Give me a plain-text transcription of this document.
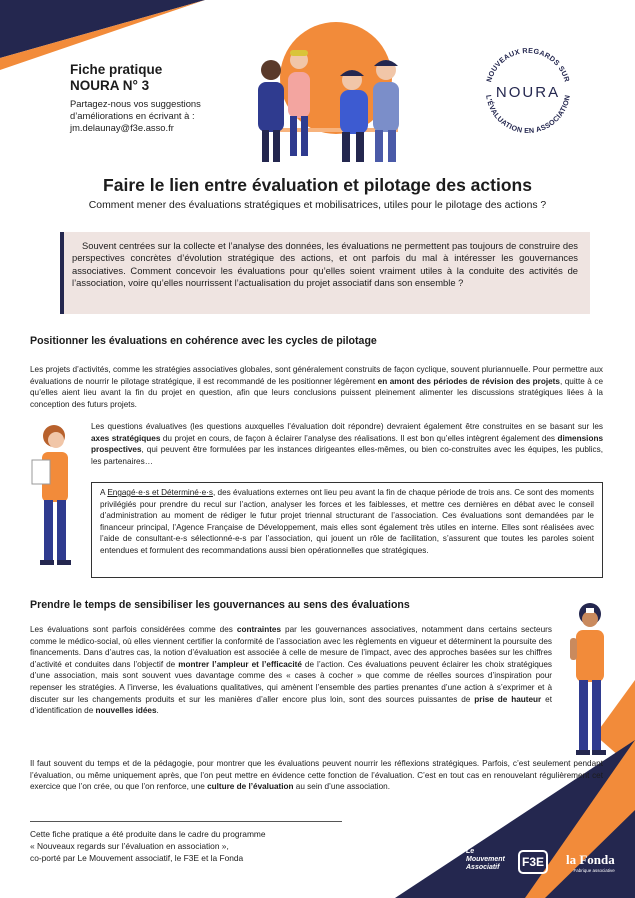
Fiche pratique
NOURA N° 3
Partagez-nous vos suggestions
d’améliorations en écrivant à :
jm.delaunay@f3e.asso.fr
NOUVEAUX REGARDS SUR
L’ÉVALUATION EN ASSOCIATION
NOURA
Faire le lien entre évaluation et pilotage des actions
Comment mener des évaluations stratégiques et mobilisatrices, utiles pour le pilotage des actions ?
Souvent centrées sur la collecte et l’analyse des données, les évaluations ne permettent pas toujours de construire des perspectives concrètes d’évolution stratégique des actions, et ont parfois du mal à intéresser les gouvernances associatives. Comment concevoir les évaluations pour qu’elles soient vraiment utiles à la conduite des activités de l’association, voire qu’elles nourrissent l’actualisation du projet associatif dans son ensemble ?
Positionner les évaluations en cohérence avec les cycles de pilotage
Les projets d’activités, comme les stratégies associatives globales, sont généralement construits de façon cyclique, souvent pluriannuelle. Pour permettre aux évaluations de nourrir le pilotage stratégique, il est recommandé de les positionner légèrement en amont des périodes de révision des projets, quitte à ce qu’elles aient lieu avant la fin du projet en question, afin que leurs conclusions puissent pleinement alimenter les discussions stratégiques liées à la conception des futurs projets.
Les questions évaluatives (les questions auxquelles l’évaluation doit répondre) devraient également être construites en se basant sur les axes stratégiques du projet en cours, de façon à éclairer l’analyse des réalisations. Il est bon qu’elles intègrent également des dimensions prospectives, qui peuvent être formulées par les instances dirigeantes elles-mêmes, ou bien co-construites avec les équipes, les publics, les partenaires…
A Engagé·e·s et Déterminé·e·s, des évaluations externes ont lieu peu avant la fin de chaque période de trois ans. Ce sont des moments privilégiés pour prendre du recul sur l’action, analyser les forces et les faiblesses, et mettre ces dernières en débat avec le conseil d’administration au moment de rédiger le futur projet triennal structurant de l’association. Ces évaluations sont demandées par le financeur principal, l’Agence Française de Développement, mais elles sont également très utiles en interne. Elles sont réalisées avec l’aide de consultant-e-s sélectionné-e-s par l’association, qui jouent un rôle de facilitation, s’assurent que toutes les paroles soient entendues et formulent des recommandations aussi bien opérationnelles que stratégiques.
Prendre le temps de sensibiliser les gouvernances au sens des évaluations
Les évaluations sont parfois considérées comme des contraintes par les gouvernances associatives, notamment dans certains secteurs comme le médico-social, où elles viennent certifier la conformité de l’association avec les règlements en vigueur et déterminent la poursuite des financements. Dans d’autres cas, la notion d’évaluation est associée à celle de mesure de l’impact, avec des approches basées sur les chiffres d’activité et conduites dans l’objectif de montrer l’ampleur et l’efficacité de l’action. Ces évaluations peuvent éclairer les choix stratégiques d’une association, mais sont souvent vues davantage comme des « cases à cocher » que comme de réelles sources d’inspiration pour repenser les stratégies. A l’inverse, les évaluations qualitatives, qui amènent l’ensemble des parties prenantes d’une action à s’exprimer et à discuter sur les changements produits et sur les manières d’aller encore plus loin, sont des sources puissantes de prise de hauteur et d’identification de nouvelles idées.
Il faut souvent du temps et de la pédagogie, pour montrer que les évaluations peuvent nourrir les réflexions stratégiques. Parfois, c’est seulement pendant l’évaluation, ou même uniquement après, que l’on peut mettre en évidence cette fonction de l’évaluation. C’est en tout cas en renouvelant régulièrement cet exercice que l’on crée, ou que l’on renforce, une culture de l’évaluation au sein d’une association.
Cette fiche pratique a été produite dans le cadre du programme
« Nouveaux regards sur l’évaluation en association »,
co-porté par Le Mouvement associatif, le F3E et la Fonda
Le
Mouvement
Associatif	F3E	la Fonda
Fabrique associative
